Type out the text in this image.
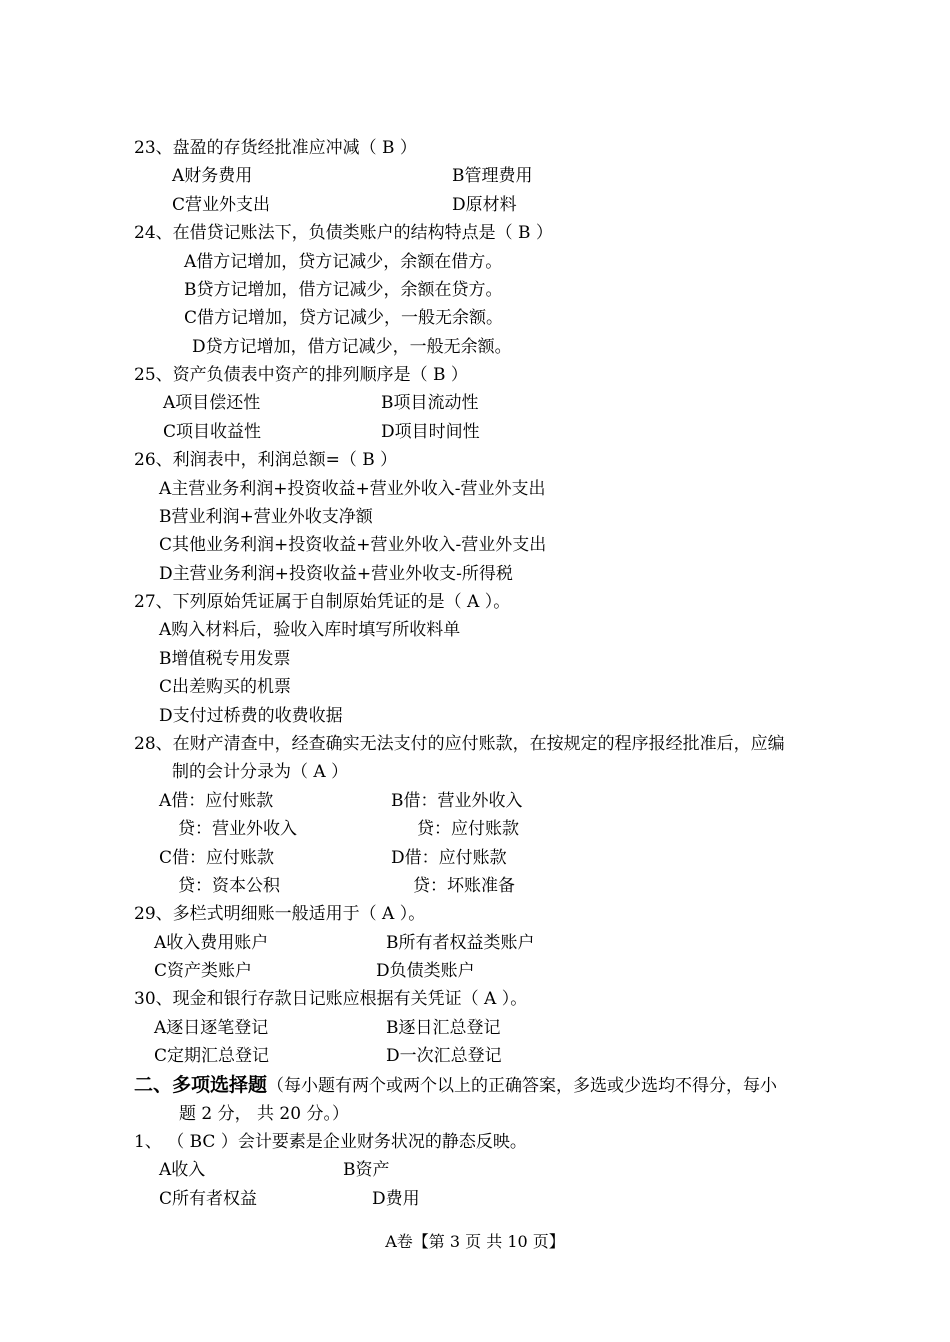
23、盘盈的存货经批准应冲减（ B ）
A财务费用	B管理费用
C营业外支出	D原材料
24、在借贷记账法下，负债类账户的结构特点是（ B ）
A借方记增加，贷方记减少，余额在借方。
B贷方记增加，借方记减少，余额在贷方。
C借方记增加，贷方记减少，一般无余额。
D贷方记增加，借方记减少，一般无余额。
25、资产负债表中资产的排列顺序是（ B ）
A项目偿还性	B项目流动性
C项目收益性	D项目时间性
26、利润表中，利润总额=（ B ）
A主营业务利润+投资收益+营业外收入-营业外支出
B营业利润+营业外收支净额
C其他业务利润+投资收益+营业外收入-营业外支出
D主营业务利润+投资收益+营业外收支-所得税
27、下列原始凭证属于自制原始凭证的是（ A ）。
A购入材料后，验收入库时填写所收料单
B增值税专用发票
C出差购买的机票
D支付过桥费的收费收据
28、在财产清查中，经查确实无法支付的应付账款，在按规定的程序报经批准后，应编
制的会计分录为（ A ）
A借：应付账款	B借：营业外收入
贷：营业外收入	贷：应付账款
C借：应付账款	D借：应付账款
贷：资本公积	贷：坏账准备
29、多栏式明细账一般适用于（ A ）。
A收入费用账户	B所有者权益类账户
C资产类账户	D负债类账户
30、现金和银行存款日记账应根据有关凭证（ A ）。
A逐日逐笔登记	B逐日汇总登记
C定期汇总登记	D一次汇总登记
二、多项选择题（每小题有两个或两个以上的正确答案，多选或少选均不得分，每小
题 2 分， 共 20 分。）
1、 （ BC ）会计要素是企业财务状况的静态反映。
A收入	B资产
C所有者权益	D费用
A卷【第 3 页 共 10 页】
